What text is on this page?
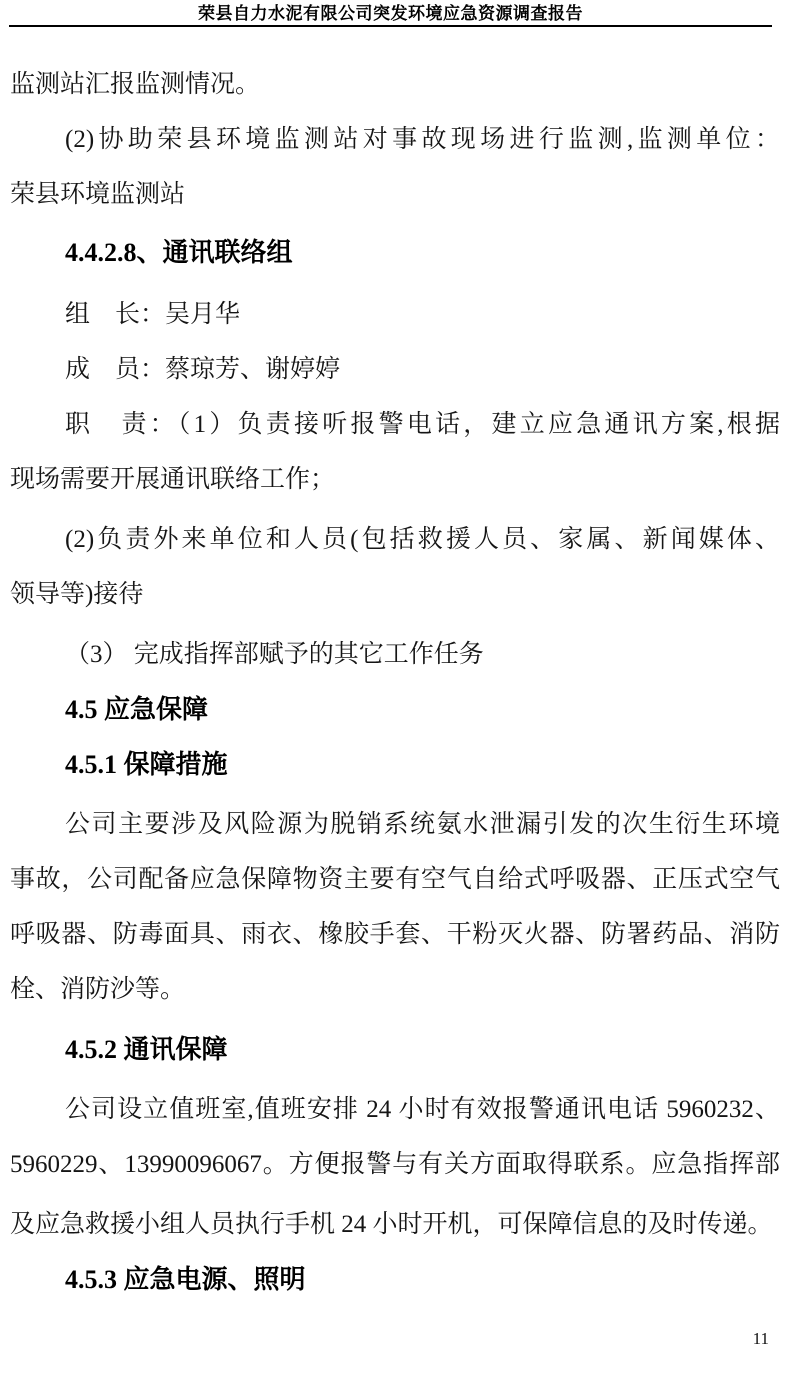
荣县自力水泥有限公司突发环境应急资源调查报告
监测站汇报监测情况。
(2)协助荣县环境监测站对事故现场进行监测,监测单位：
荣县环境监测站
4.4.2.8、通讯联络组
组　长：吴月华
成　员：蔡琼芳、谢婷婷
职　责：（1）负责接听报警电话，建立应急通讯方案,根据
现场需要开展通讯联络工作；
(2)负责外来单位和人员(包括救援人员、家属、新闻媒体、
领导等)接待
（3） 完成指挥部赋予的其它工作任务
4.5 应急保障
4.5.1 保障措施
公司主要涉及风险源为脱销系统氨水泄漏引发的次生衍生环境
事故，公司配备应急保障物资主要有空气自给式呼吸器、正压式空气
呼吸器、防毒面具、雨衣、橡胶手套、干粉灭火器、防署药品、消防
栓、消防沙等。
4.5.2 通讯保障
公司设立值班室,值班安排 24 小时有效报警通讯电话 5960232、
5960229、13990096067。方便报警与有关方面取得联系。应急指挥部
及应急救援小组人员执行手机 24 小时开机，可保障信息的及时传递。
4.5.3 应急电源、照明
11
